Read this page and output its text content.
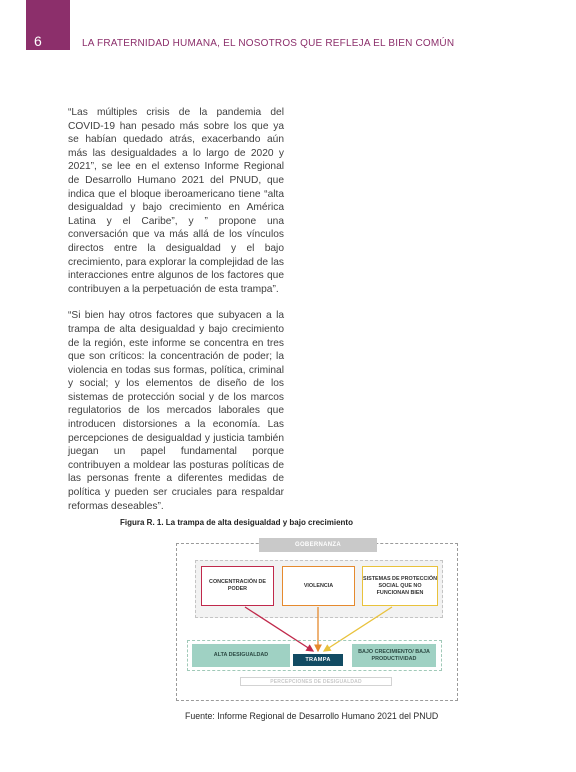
6	LA FRATERNIDAD HUMANA, EL NOSOTROS QUE REFLEJA EL BIEN COMÚN

“Las múltiples crisis de la pandemia del COVID-19 han pesado más sobre los que ya se habían quedado atrás, exacerbando aún más las desigualdades a lo largo de 2020 y 2021”, se lee en el extenso Informe Regional de Desarrollo Humano 2021 del PNUD, que indica que el bloque iberoamericano tiene “alta desigualdad y bajo crecimiento en América Latina y el Caribe”, y ” propone una conversación que va más allá de los vínculos directos entre la desigualdad y el bajo crecimiento, para explorar la complejidad de las interacciones entre algunos de los factores que contribuyen a la perpetuación de esta trampa”.

“Si bien hay otros factores que subyacen a la trampa de alta desigualdad y bajo crecimiento de la región, este informe se concentra en tres que son críticos: la concentración de poder; la violencia en todas sus formas, política, criminal y social; y los elementos de diseño de los sistemas de protección social y de los marcos regulatorios de los mercados laborales que introducen distorsiones a la economía. Las percepciones de desigualdad y justicia también juegan un papel fundamental porque contribuyen a moldear las posturas políticas de las personas frente a diferentes medidas de política y pueden ser cruciales para respaldar reformas deseables”.

Figura R. 1. La trampa de alta desigualdad y bajo crecimiento
GOBERNANZA
CONCENTRACIÓN DE PODER
VIOLENCIA
SISTEMAS DE PROTECCIÓN SOCIAL QUE NO FUNCIONAN BIEN
ALTA DESIGUALDAD
TRAMPA
BAJO CRECIMIENTO/ BAJA PRODUCTIVIDAD
PERCEPCIONES DE DESIGUALDAD
Fuente: Informe Regional de Desarrollo Humano 2021 del PNUD
